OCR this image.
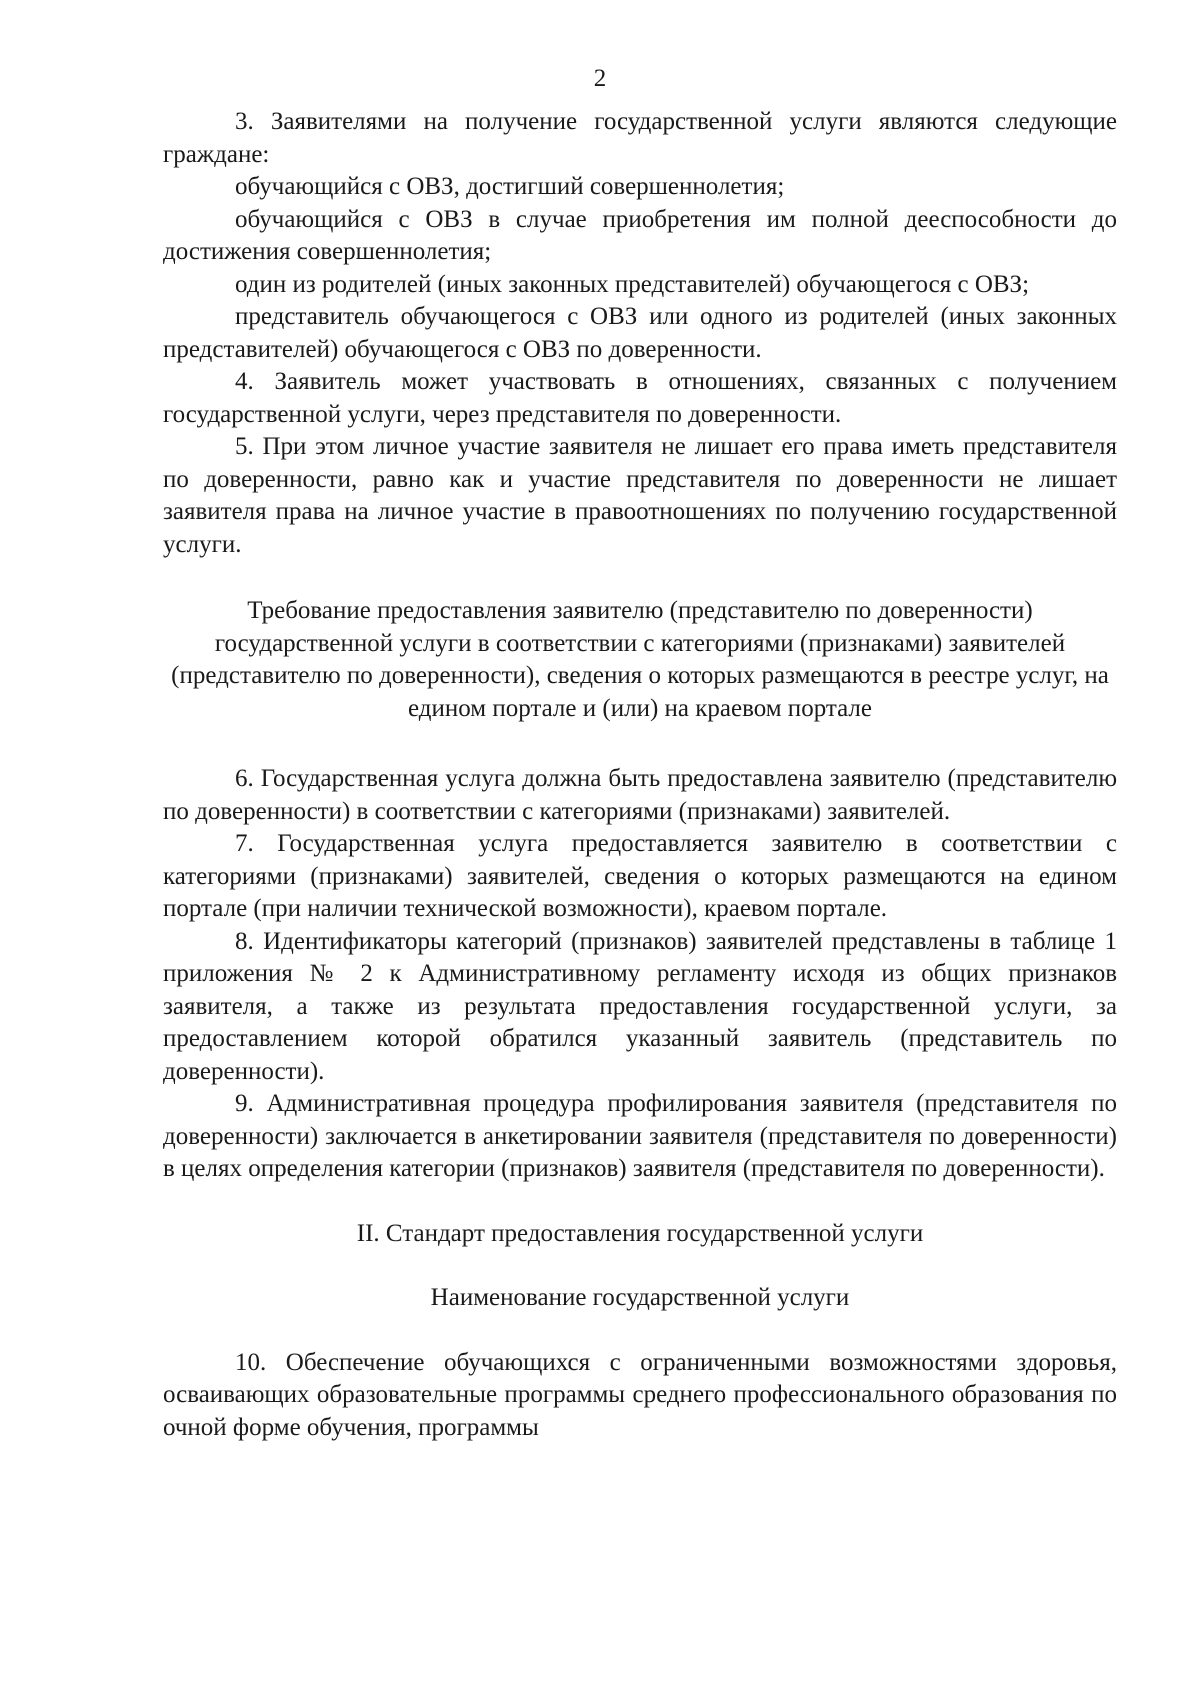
2

3. Заявителями на получение государственной услуги являются следующие граждане:

обучающийся с ОВЗ, достигший совершеннолетия;

обучающийся с ОВЗ в случае приобретения им полной дееспособности до достижения совершеннолетия;

один из родителей (иных законных представителей) обучающегося с ОВЗ;

представитель обучающегося с ОВЗ или одного из родителей (иных законных представителей) обучающегося с ОВЗ по доверенности.

4. Заявитель может участвовать в отношениях, связанных с получением государственной услуги, через представителя по доверенности.

5. При этом личное участие заявителя не лишает его права иметь представителя по доверенности, равно как и участие представителя по доверенности не лишает заявителя права на личное участие в правоотношениях по получению государственной услуги.

Требование предоставления заявителю (представителю по доверенности) государственной услуги в соответствии с категориями (признаками) заявителей (представителю по доверенности), сведения о которых размещаются в реестре услуг, на едином портале и (или) на краевом портале

6. Государственная услуга должна быть предоставлена заявителю (представителю по доверенности) в соответствии с категориями (признаками) заявителей.

7. Государственная услуга предоставляется заявителю в соответствии с категориями (признаками) заявителей, сведения о которых размещаются на едином портале (при наличии технической возможности), краевом портале.

8. Идентификаторы категорий (признаков) заявителей представлены в таблице 1 приложения № 2 к Административному регламенту исходя из общих признаков заявителя, а также из результата предоставления государственной услуги, за предоставлением которой обратился указанный заявитель (представитель по доверенности).

9. Административная процедура профилирования заявителя (представителя по доверенности) заключается в анкетировании заявителя (представителя по доверенности) в целях определения категории (признаков) заявителя (представителя по доверенности).

II. Стандарт предоставления государственной услуги

Наименование государственной услуги

10. Обеспечение обучающихся с ограниченными возможностями здоровья, осваивающих образовательные программы среднего профессионального образования по очной форме обучения, программы
